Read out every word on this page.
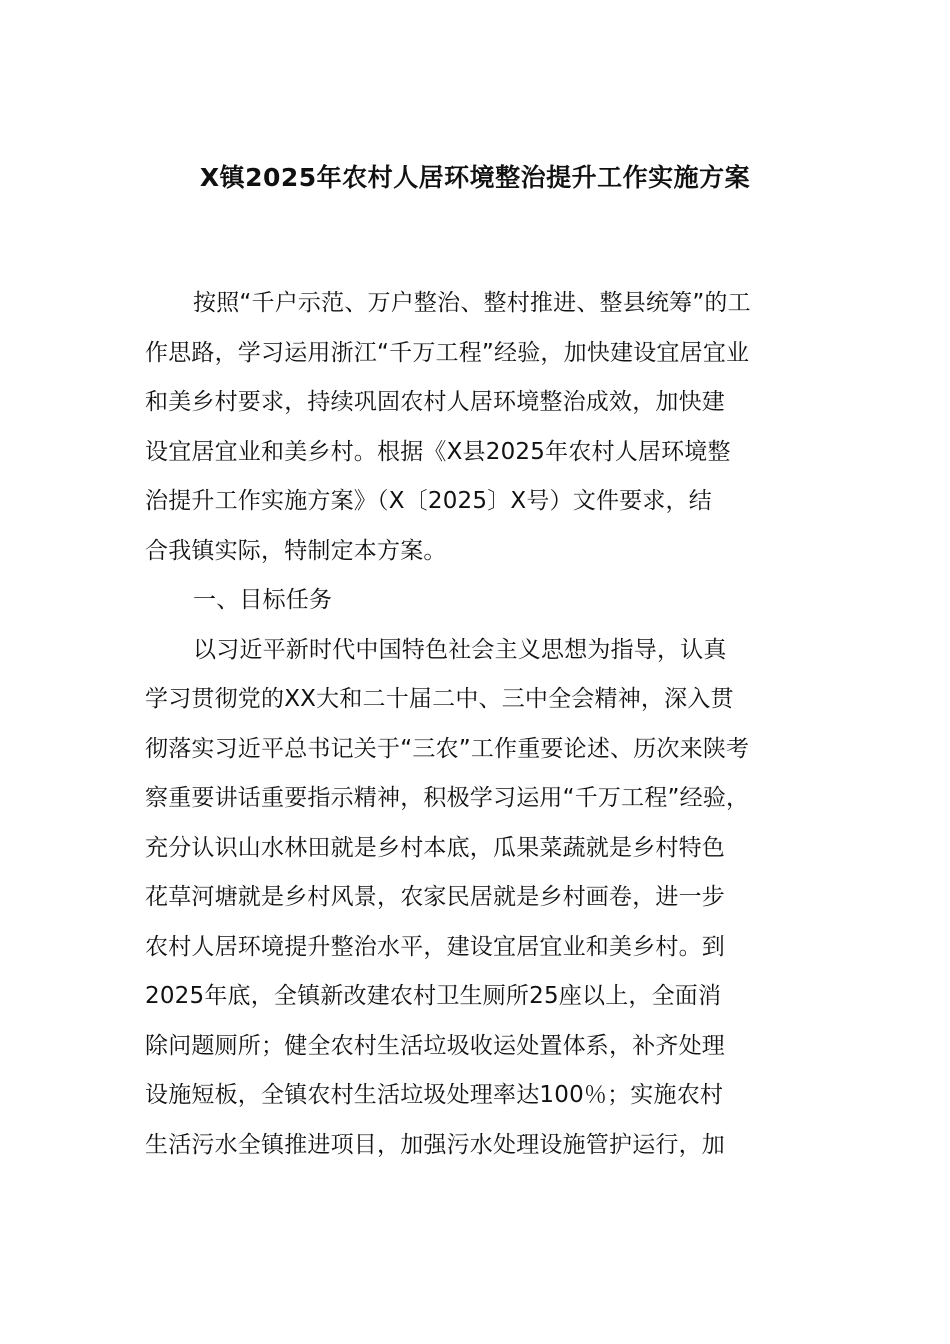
X镇2025年农村人居环境整治提升工作实施方案
按照“千户示范、万户整治、整村推进、整县统筹”的工
作思路，学习运用浙江“千万工程”经验，加快建设宜居宜业
和美乡村要求，持续巩固农村人居环境整治成效，加快建
设宜居宜业和美乡村。根据《X县2025年农村人居环境整
治提升工作实施方案》（X〔2025〕X号）文件要求，结
合我镇实际，特制定本方案。
一、目标任务
以习近平新时代中国特色社会主义思想为指导，认真
学习贯彻党的XX大和二十届二中、三中全会精神，深入贯
彻落实习近平总书记关于“三农”工作重要论述、历次来陕考
察重要讲话重要指示精神，积极学习运用“千万工程”经验，
充分认识山水林田就是乡村本底，瓜果菜蔬就是乡村特色
花草河塘就是乡村风景，农家民居就是乡村画卷，进一步
农村人居环境提升整治水平，建设宜居宜业和美乡村。到
2025年底，全镇新改建农村卫生厕所25座以上，全面消
除问题厕所；健全农村生活垃圾收运处置体系，补齐处理
设施短板，全镇农村生活垃圾处理率达100％；实施农村
生活污水全镇推进项目，加强污水处理设施管护运行，加
